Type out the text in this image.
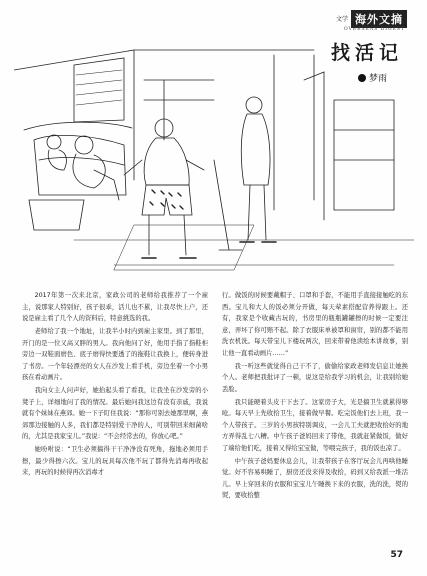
文学 海外文摘
OVERSEAS DIGEST
找活记
梦雨

2017年第一次来北京，家政公司的老师给我推荐了一个雇主，说那家人特别好，孩子很乖，活儿也不累，让我尽快上户，还说是雇主看了几个人的资料后，特意挑选的我。

老师给了我一个地址，让我半小时内到雇主家里。到了那里，开门的是一位又高又胖的男人。我向他问了好，他用手指了指鞋柜旁边一双鞋面磨色、底子磨得快要透了的拖鞋让我换上，便转身进了书房。一个年轻漂亮的女人在沙发上看手机，旁边坐着一个小男孩在看动画片。

我向女主人问声好，她抬起头看了看我，让我坐在沙发旁的小凳子上，详细地问了我的情况。最后她问我这边有没有亲戚，我说就有个妹妹在燕郊。她一下子盯住我说：“那你可别去她那里啊，燕郊那边接触的人多，我们都是特别爱干净的人，可别带回来细菌啥的，尤其是我家宝儿。”我说：“不会经常去的，你放心吧。”

她吩咐说：“卫生必须搞得干干净净没有死角，拖地必须用手擦，最少得擦六次。宝儿的玩具每次他不玩了都得先消毒再收起来，再玩的时候得再次消毒才

行。做饭的时候要戴帽子、口罩和手套，不能用手直接接触吃的东西。宝儿和大人的饭必须分开做，每天荤素搭配营养得跟上。还有，我家是个收藏古玩的，书房里的瓶瓶罐罐擦的时候一定要注意，弄坏了你可赔不起。除了衣服床单被罩和窗帘，别的都不能用洗衣机洗。每天带宝儿下楼玩两次，回来带着他读绘本讲故事，别让他一直看动画片……”

我一听这些就觉得自己干不了，偷偷给家政老师发信息让她换个人。老师把我批评了一顿，说这是给我学习的机会，让我别给她丢脸。

我只能硬着头皮干下去了。这家房子大，光是搞卫生就累得够呛。每天早上先收拾卫生，接着做早餐。吃完饭他们去上班，我一个人带孩子。三岁的小男孩特别调皮，一会儿工夫就把收拾好的地方弄得乱七八糟。中午孩子爸妈回来了带他，我就赶紧做饭，做好了端给他们吃，接着又得给宝宝做，等喂完孩子，我的饭也凉了。

中午孩子爸妈要休息会儿，让我带孩子在客厅玩会儿再哄他睡觉。好不容易哄睡了，厨房还没来得及收拾，码到又给我派一堆活儿。早上穿回来的衣服和宝宝儿午睡换下来的衣服，洗的洗，熨的熨，要收拾整

57
